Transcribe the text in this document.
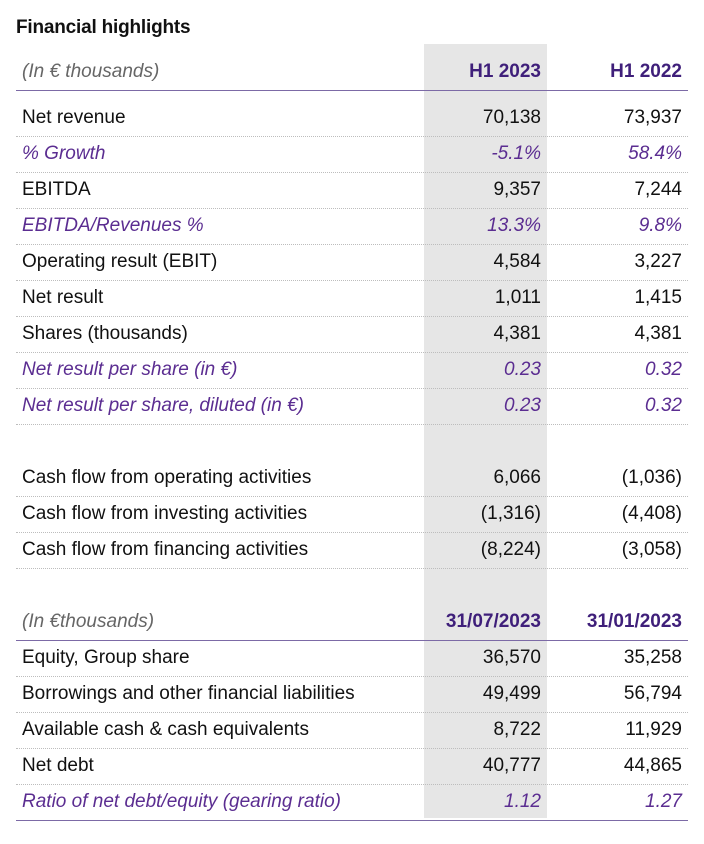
Financial highlights
(In € thousands)	H1 2023	H1 2022
Net revenue	70,138	73,937
% Growth	-5.1%	58.4%
EBITDA	9,357	7,244
EBITDA/Revenues %	13.3%	9.8%
Operating result (EBIT)	4,584	3,227
Net result	1,011	1,415
Shares (thousands)	4,381	4,381
Net result per share (in €)	0.23	0.32
Net result per share, diluted (in €)	0.23	0.32
Cash flow from operating activities	6,066	(1,036)
Cash flow from investing activities	(1,316)	(4,408)
Cash flow from financing activities	(8,224)	(3,058)
(In €thousands)	31/07/2023 31/01/2023
Equity, Group share	36,570	35,258
Borrowings and other financial liabilities	49,499	56,794
Available cash & cash equivalents	8,722	11,929
Net debt	40,777	44,865
Ratio of net debt/equity (gearing ratio)	1.12	1.27
